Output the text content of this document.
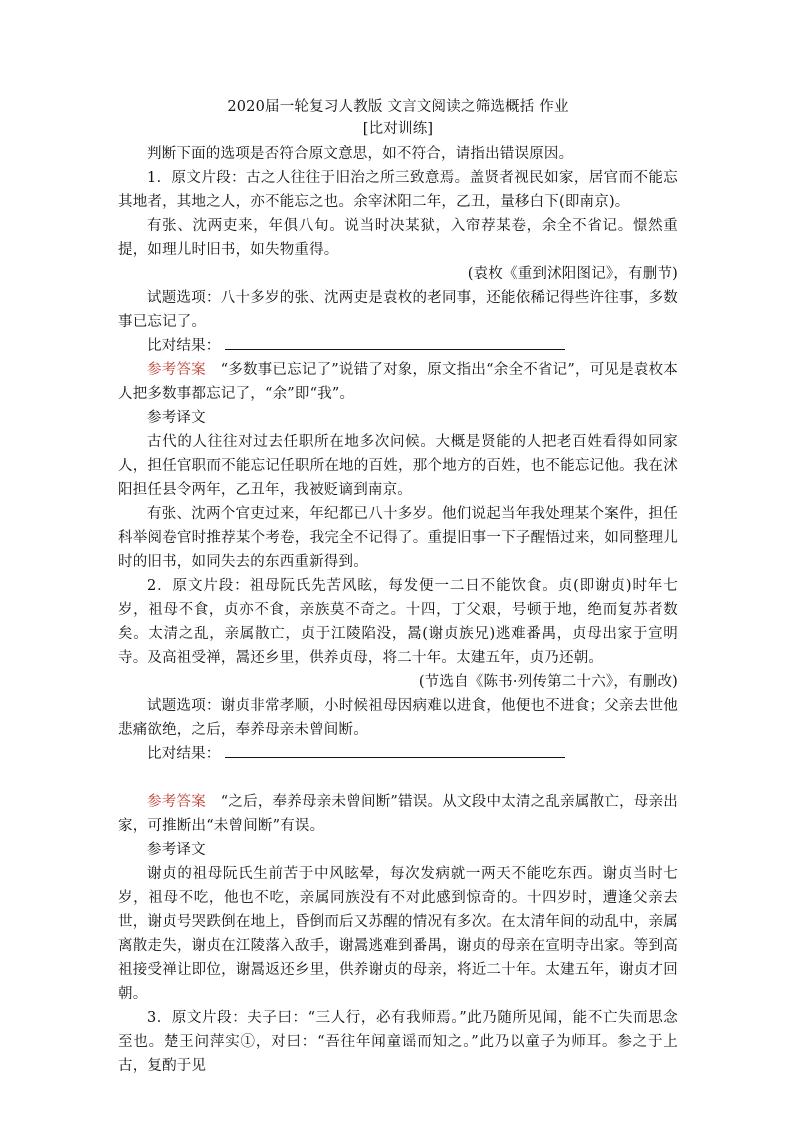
2020届一轮复习人教版 文言文阅读之筛选概括 作业

[比对训练]

判断下面的选项是否符合原文意思，如不符合，请指出错误原因。

1．原文片段：古之人往往于旧治之所三致意焉。盖贤者视民如家，居官而不能忘其地者，其地之人，亦不能忘之也。余宰沭阳二年，乙丑，量移白下(即南京)。

有张、沈两吏来，年俱八旬。说当时决某狱，入帘荐某卷，余全不省记。憬然重提，如理儿时旧书，如失物重得。

(袁枚《重到沭阳图记》，有删节)

试题选项：八十多岁的张、沈两吏是袁枚的老同事，还能依稀记得些许往事，多数事已忘记了。

比对结果：

参考答案　 “多数事已忘记了”说错了对象，原文指出“余全不省记”，可见是袁枚本人把多数事都忘记了，“余”即“我”。

参考译文

古代的人往往对过去任职所在地多次问候。大概是贤能的人把老百姓看得如同家人，担任官职而不能忘记任职所在地的百姓，那个地方的百姓，也不能忘记他。我在沭阳担任县令两年，乙丑年，我被贬谪到南京。

有张、沈两个官吏过来，年纪都已八十多岁。他们说起当年我处理某个案件，担任科举阅卷官时推荐某个考卷，我完全不记得了。重提旧事一下子醒悟过来，如同整理儿时的旧书，如同失去的东西重新得到。

2．原文片段：祖母阮氏先苦风眩，每发便一二日不能饮食。贞(即谢贞)时年七岁，祖母不食，贞亦不食，亲族莫不奇之。十四，丁父艰，号顿于地，绝而复苏者数矣。太清之乱，亲属散亡，贞于江陵陷没，暠(谢贞族兄)逃难番禺，贞母出家于宣明寺。及高祖受禅，暠还乡里，供养贞母，将二十年。太建五年，贞乃还朝。

(节选自《陈书·列传第二十六》，有删改)

试题选项：谢贞非常孝顺，小时候祖母因病难以进食，他便也不进食；父亲去世他悲痛欲绝，之后，奉养母亲未曾间断。

比对结果：

参考答案　 “之后，奉养母亲未曾间断”错误。从文段中太清之乱亲属散亡，母亲出家，可推断出“未曾间断”有误。

参考译文

谢贞的祖母阮氏生前苦于中风眩晕，每次发病就一两天不能吃东西。谢贞当时七岁，祖母不吃，他也不吃，亲属同族没有不对此感到惊奇的。十四岁时，遭逢父亲去世，谢贞号哭跌倒在地上，昏倒而后又苏醒的情况有多次。在太清年间的动乱中，亲属离散走失，谢贞在江陵落入敌手，谢暠逃难到番禺，谢贞的母亲在宣明寺出家。等到高祖接受禅让即位，谢暠返还乡里，供养谢贞的母亲，将近二十年。太建五年，谢贞才回朝。

3．原文片段：夫子曰：“三人行，必有我师焉。”此乃随所见闻，能不亡失而思念至也。楚王问萍实①，对曰：“吾往年闻童谣而知之。”此乃以童子为师耳。参之于上古，复酌于见
